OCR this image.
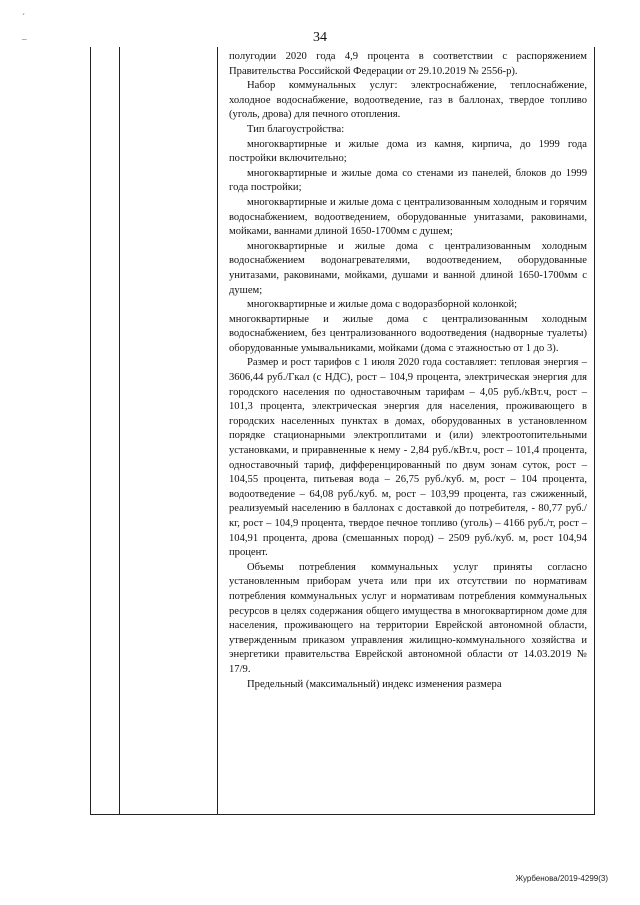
34
´
–

полугодии 2020 года 4,9 процента в соответствии с распоряжением Правительства Российской Федерации от 29.10.2019 № 2556-р).

Набор коммунальных услуг: электроснабжение, теплоснабжение, холодное водоснабжение, водоотведение, газ в баллонах, твердое топливо (уголь, дрова) для печного отопления.

Тип благоустройства:

многоквартирные и жилые дома из камня, кирпича, до 1999 года постройки включительно;

многоквартирные и жилые дома со стенами из панелей, блоков до 1999 года постройки;

многоквартирные и жилые дома с централизованным холодным и горячим водоснабжением, водоотведением, оборудованные унитазами, раковинами, мойками, ваннами длиной 1650-1700мм с душем;

многоквартирные и жилые дома с централизованным холодным водоснабжением водонагревателями, водоотведением, оборудованные унитазами, раковинами, мойками, душами и ванной длиной 1650-1700мм с душем;

многоквартирные и жилые дома с водоразборной колонкой;

многоквартирные и жилые дома с централизованным холодным водоснабжением, без централизованного водоотведения (надворные туалеты) оборудованные умывальниками, мойками (дома с этажностью от 1 до 3).

Размер и рост тарифов с 1 июля 2020 года составляет: тепловая энергия – 3606,44 руб./Гкал (с НДС), рост – 104,9 процента, электрическая энергия для городского населения по одноставочным тарифам – 4,05 руб./кВт.ч, рост – 101,3 процента, электрическая энергия для населения, проживающего в городских населенных пунктах в домах, оборудованных в установленном порядке стационарными электроплитами и (или) электроотопительными установками, и приравненные к нему - 2,84 руб./кВт.ч, рост – 101,4 процента, одноставочный тариф, дифференцированный по двум зонам суток, рост – 104,55 процента, питьевая вода – 26,75 руб./куб. м, рост – 104 процента, водоотведение – 64,08 руб./куб. м, рост – 103,99 процента, газ сжиженный, реализуемый населению в баллонах с доставкой до потребителя, - 80,77 руб./кг, рост – 104,9 процента, твердое печное топливо (уголь) – 4166 руб./т, рост – 104,91 процента, дрова (смешанных пород) – 2509 руб./куб. м, рост 104,94 процент.

Объемы потребления коммунальных услуг приняты согласно установленным приборам учета или при их отсутствии по нормативам потребления коммунальных услуг и нормативам потребления коммунальных ресурсов в целях содержания общего имущества в многоквартирном доме для населения, проживающего на территории Еврейской автономной области, утвержденным приказом управления жилищно-коммунального хозяйства и энергетики правительства Еврейской автономной области от 14.03.2019 № 17/9.

Предельный (максимальный) индекс изменения размера

Журбенова/2019-4299(3)
